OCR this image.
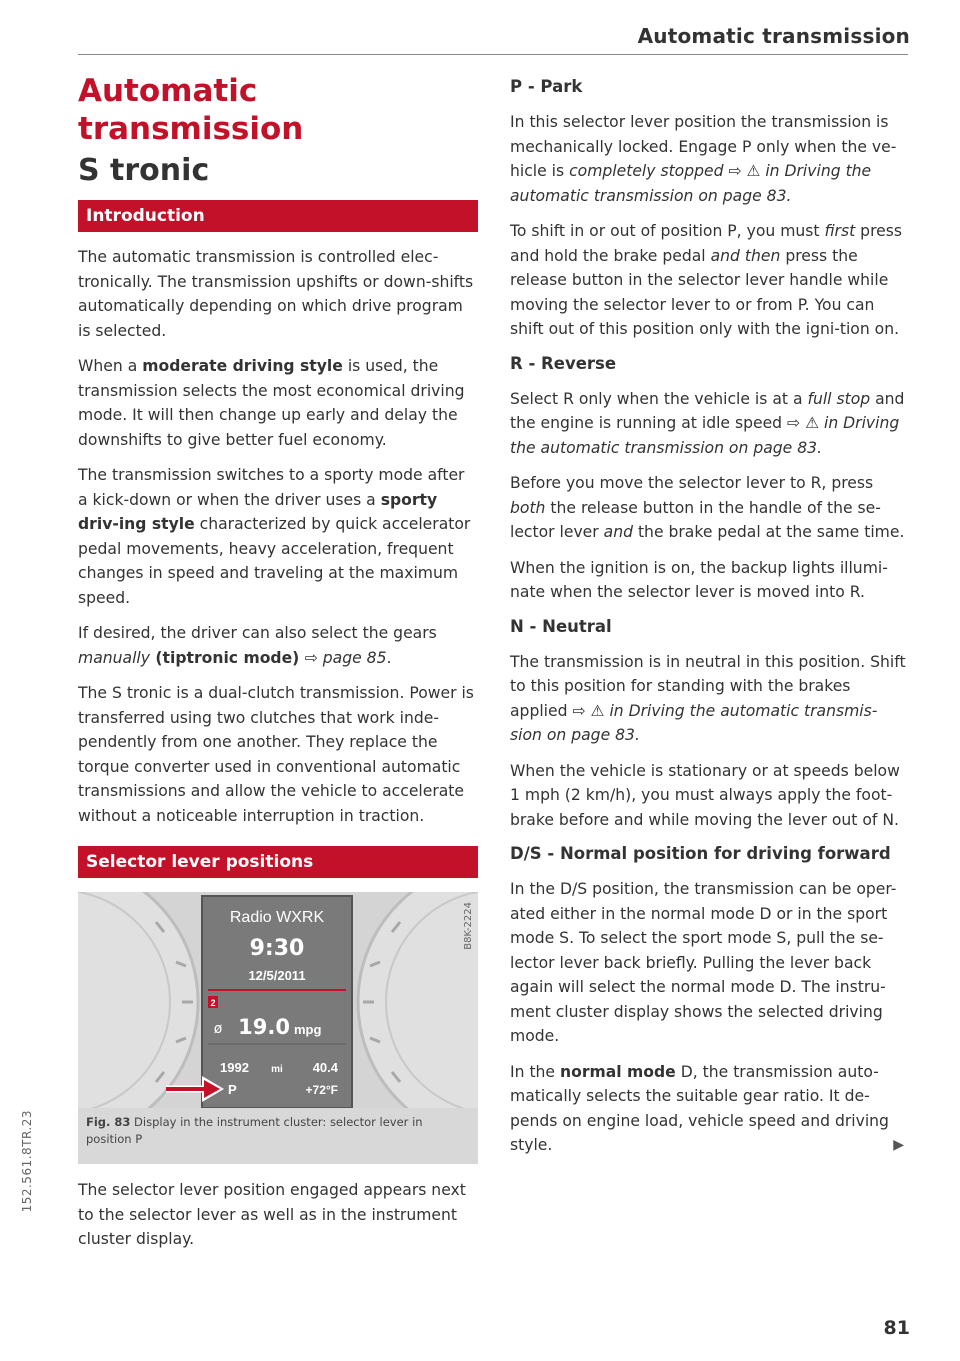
Automatic transmission
Automatic transmission
S tronic
Introduction

The automatic transmission is controlled elec-tronically. The transmission upshifts or down-shifts automatically depending on which drive program is selected.

When a moderate driving style is used, the transmission selects the most economical driving mode. It will then change up early and delay the downshifts to give better fuel economy.

The transmission switches to a sporty mode after a kick-down or when the driver uses a sporty driv-ing style characterized by quick accelerator pedal movements, heavy acceleration, frequent changes in speed and traveling at the maximum speed.

If desired, the driver can also select the gears manually (tiptronic mode) ⇨ page 85.

The S tronic is a dual-clutch transmission. Power is transferred using two clutches that work inde-pendently from one another. They replace the torque converter used in conventional automatic transmissions and allow the vehicle to accelerate without a noticeable interruption in traction.

Selector lever positions
Radio WXRK
9:30
12/5/2011
2
ø 19.0 mpg
1992 mi 40.4
P	+72°F
B8K-2224
Fig. 83 Display in the instrument cluster: selector lever in position P

The selector lever position engaged appears next to the selector lever as well as in the instrument cluster display.

P - Park

In this selector lever position the transmission is mechanically locked. Engage P only when the ve-hicle is completely stopped ⇨ ⚠ in Driving the automatic transmission on page 83.

To shift in or out of position P, you must first press and hold the brake pedal and then press the release button in the selector lever handle while moving the selector lever to or from P. You can shift out of this position only with the igni-tion on.

R - Reverse

Select R only when the vehicle is at a full stop and the engine is running at idle speed ⇨ ⚠ in Driving the automatic transmission on page 83.

Before you move the selector lever to R, press both the release button in the handle of the se-lector lever and the brake pedal at the same time.

When the ignition is on, the backup lights illumi-nate when the selector lever is moved into R.

N - Neutral

The transmission is in neutral in this position. Shift to this position for standing with the brakes applied ⇨ ⚠ in Driving the automatic transmis-sion on page 83.

When the vehicle is stationary or at speeds below 1 mph (2 km/h), you must always apply the foot-brake before and while moving the lever out of N.

D/S - Normal position for driving forward

In the D/S position, the transmission can be oper-ated either in the normal mode D or in the sport mode S. To select the sport mode S, pull the se-lector lever back briefly. Pulling the lever back again will select the normal mode D. The instru-ment cluster display shows the selected driving mode.

In the normal mode D, the transmission auto-matically selects the suitable gear ratio. It de-pends on engine load, vehicle speed and driving style.	▶

152.561.8TR.23
81
